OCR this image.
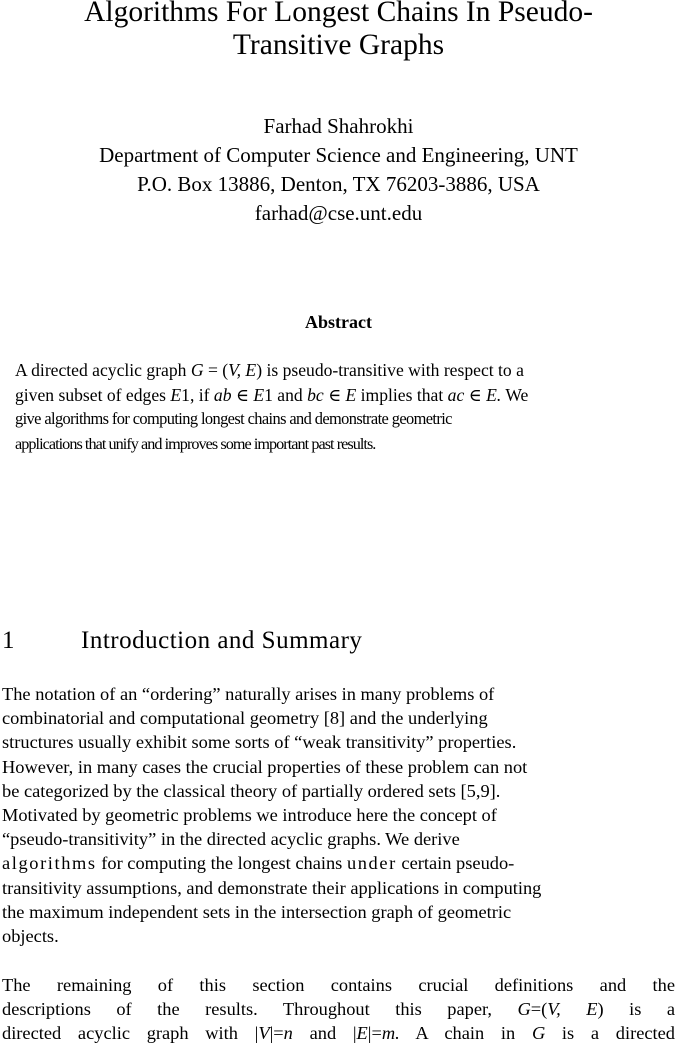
Algorithms For Longest Chains In Pseudo-
Transitive Graphs
Farhad Shahrokhi
Department of Computer Science and Engineering, UNT
P.O. Box 13886, Denton, TX 76203-3886, USA
farhad@cse.unt.edu
Abstract
A directed acyclic graph G = (V, E) is pseudo-transitive with respect to a
given subset of edges E1, if ab ∈ E1 and bc ∈ E implies that ac ∈ E. We
give algorithms for computing longest chains and demonstrate geometric
applications that unify and improves some important past results.
1	Introduction and Summary
The notation of an “ordering” naturally arises in many problems of
combinatorial and computational geometry [8] and the underlying
structures usually exhibit some sorts of “weak transitivity” properties.
However, in many cases the crucial properties of these problem can not
be categorized by the classical theory of partially ordered sets [5,9].
Motivated by geometric problems we introduce here the concept of
“pseudo-transitivity” in the directed acyclic graphs. We derive
algorithms for computing the longest chains under certain pseudo-
transitivity assumptions, and demonstrate their applications in computing
the maximum independent sets in the intersection graph of geometric
objects.
The remaining of this section contains crucial definitions and the
descriptions of the results. Throughout this paper, G=(V, E) is a
directed acyclic graph with |V|=n and |E|=m. A chain in G is a directed
